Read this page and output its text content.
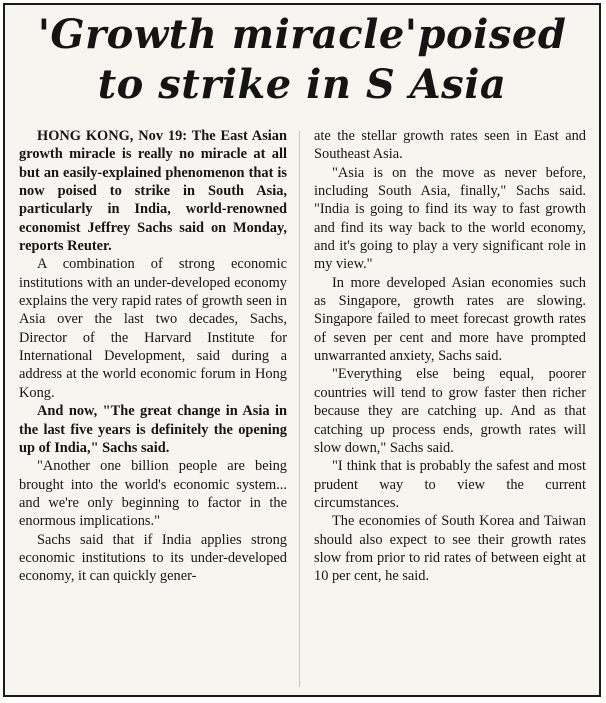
'Growth miracle'poised
to strike in S Asia

HONG KONG, Nov 19: The East Asian growth miracle is really no miracle at all but an easily-explained phenomenon that is now poised to strike in South Asia, particularly in India, world-renowned economist Jeffrey Sachs said on Monday, reports Reuter.

A combination of strong economic institutions with an under-developed economy explains the very rapid rates of growth seen in Asia over the last two decades, Sachs, Director of the Harvard Institute for International Development, said during a address at the world economic forum in Hong Kong.

And now, "The great change in Asia in the last five years is definitely the opening up of India," Sachs said.

"Another one billion people are being brought into the world's economic system... and we're only beginning to factor in the enormous implications."

Sachs said that if India applies strong economic institutions to its under-developed economy, it can quickly gener-

ate the stellar growth rates seen in East and Southeast Asia.

"Asia is on the move as never before, including South Asia, finally," Sachs said. "India is going to find its way to fast growth and find its way back to the world economy, and it's going to play a very significant role in my view."

In more developed Asian economies such as Singapore, growth rates are slowing. Singapore failed to meet forecast growth rates of seven per cent and more have prompted unwarranted anxiety, Sachs said.

"Everything else being equal, poorer countries will tend to grow faster then richer because they are catching up. And as that catching up process ends, growth rates will slow down," Sachs said.

"I think that is probably the safest and most prudent way to view the current circumstances.

The economies of South Korea and Taiwan should also expect to see their growth rates slow from prior to rid rates of between eight at 10 per cent, he said.
